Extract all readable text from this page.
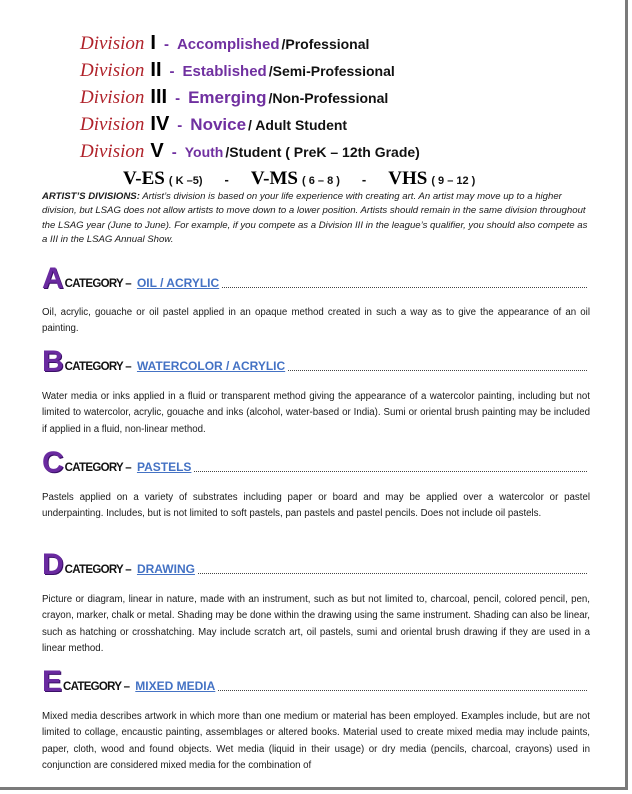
Division I - Accomplished /Professional
Division II - Established /Semi-Professional
Division III - Emerging /Non-Professional
Division IV - Novice / Adult Student
Division V - Youth /Student ( PreK – 12th Grade)
V-ES ( K –5) - V-MS ( 6 – 8 ) - VHS ( 9 – 12 )

ARTIST’S DIVISIONS: Artist’s division is based on your life experience with creating art. An artist may move up to a higher division, but LSAG does not allow artists to move down to a lower position. Artists should remain in the same division throughout the LSAG year (June to June). For example, if you compete as a Division III in the league’s qualifier, you should also compete as a III in the LSAG Annual Show.

A CATEGORY – OIL / ACRYLIC

Oil, acrylic, gouache or oil pastel applied in an opaque method created in such a way as to give the appearance of an oil painting.

B CATEGORY – WATERCOLOR / ACRYLIC

Water media or inks applied in a fluid or transparent method giving the appearance of a watercolor painting, including but not limited to watercolor, acrylic, gouache and inks (alcohol, water-based or India). Sumi or oriental brush painting may be included if applied in a fluid, non-linear method.

C CATEGORY – PASTELS

Pastels applied on a variety of substrates including paper or board and may be applied over a watercolor or pastel underpainting. Includes, but is not limited to soft pastels, pan pastels and pastel pencils. Does not include oil pastels.

D CATEGORY – DRAWING

Picture or diagram, linear in nature, made with an instrument, such as but not limited to, charcoal, pencil, colored pencil, pen, crayon, marker, chalk or metal. Shading may be done within the drawing using the same instrument. Shading can also be linear, such as hatching or crosshatching. May include scratch art, oil pastels, sumi and oriental brush drawing if they are used in a linear method.

E CATEGORY – MIXED MEDIA

Mixed media describes artwork in which more than one medium or material has been employed. Examples include, but are not limited to collage, encaustic painting, assemblages or altered books. Material used to create mixed media may include paints, paper, cloth, wood and found objects. Wet media (liquid in their usage) or dry media (pencils, charcoal, crayons) used in conjunction are considered mixed media for the combination of
